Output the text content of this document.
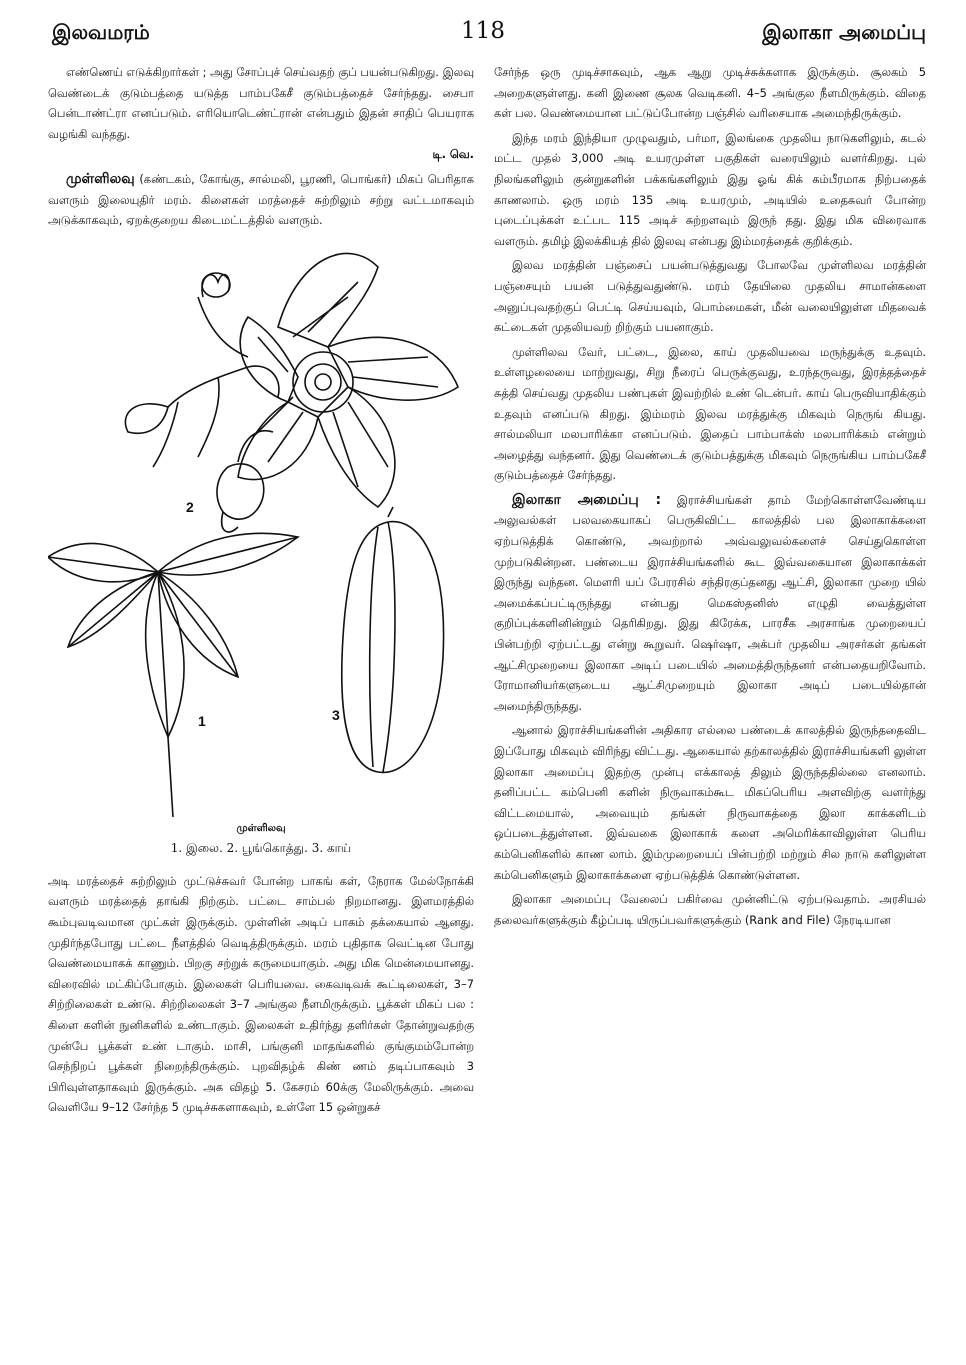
இலவமரம்	118	இலாகா அமைப்பு

எண்ணெய் எடுக்கிறார்கள் ; அது சோப்புச் செய்வதற் குப் பயன்படுகிறது. இலவு வெண்டைக் குடும்பத்தை யடுத்த பாம்பகேசீ குடும்பத்தைச் சேர்ந்தது. சைபா பென்டாண்ட்ரா எனப்படும். எரியொடெண்ட்ரான் என்பதும் இதன் சாதிப் பெயராக வழங்கி வந்தது.

டி. வெ.

முள்ளிலவு (கண்டகம், கோங்கு, சால்மலி, பூரணி, பொங்கர்) மிகப் பெரிதாக வளரும் இலையுதிர் மரம். கிளைகள் மரத்தைச் சுற்றிலும் சற்று வட்டமாகவும் அடுக்காகவும், ஏறக்குறைய கிடைமட்டத்தில் வளரும்.

2
1	3

முள்ளிலவு

1. இலை. 2. பூங்கொத்து. 3. காய்

அடி மரத்தைச் சுற்றிலும் முட்டுச்சுவர் போன்ற பாகங் கள், நேராக மேல்நோக்கி வளரும் மரத்தைத் தாங்கி நிற்கும். பட்டை சாம்பல் நிறமானது. இளமரத்தில் கூம்புவடிவமான முட்கள் இருக்கும். முள்ளின் அடிப் பாகம் தக்கையால் ஆனது. முதிர்ந்தபோது பட்டை நீளத்தில் வெடித்திருக்கும். மரம் புதிதாக வெட்டின போது வெண்மையாகக் காணும். பிறகு சற்றுக் கருமையாகும். அது மிக மென்மையானது. விரைவில் மட்கிப்போகும். இலைகள் பெரியவை. கைவடிவக் கூட்டிலைகள், 3–7 சிற்றிலைகள் உண்டு. சிற்றிலைகள் 3–7 அங்குல நீளமிருக்கும். பூக்கள் மிகப் பல : கிளை களின் நுனிகளில் உண்டாகும். இலைகள் உதிர்ந்து தளிர்கள் தோன்றுவதற்கு முன்பே பூக்கள் உண் டாகும். மாசி, பங்குனி மாதங்களில் குங்குமம்போன்ற செந்நிறப் பூக்கள் நிறைந்திருக்கும். புறவிதழ்க் கிண் ணம் தடிப்பாகவும் 3 பிரிவுள்ளதாகவும் இருக்கும். அக விதழ் 5. கேசரம் 60க்கு மேலிருக்கும். அவை வெளியே 9–12 சேர்ந்த 5 முடிச்சுகளாகவும், உள்ளே 15 ஒன்றுகச்

சேர்ந்த ஒரு முடிச்சாகவும், ஆக ஆறு முடிச்சுக்களாக இருக்கும். சூலகம் 5 அறைகளுள்ளது. கனி இணை சூலக வெடிகனி. 4–5 அங்குல நீளமிருக்கும். விதை கள் பல. வெண்மையான பட்டுப்போன்ற பஞ்சில் வரிசையாக அமைந்திருக்கும்.

இந்த மரம் இந்தியா முழுவதும், பர்மா, இலங்கை முதலிய நாடுகளிலும், கடல் மட்ட முதல் 3,000 அடி உயரமுள்ள பகுதிகள் வரையிலும் வளர்கிறது. புல் நிலங்களிலும் குன்றுகளின் பக்கங்களிலும் இது ஓங் கிக் கம்பீரமாக நிற்பதைக் காணலாம். ஒரு மரம் 135 அடி உயரமும், அடியில் உதைசுவர் போன்ற புடைப்புக்கள் உட்பட 115 அடிச் சுற்றளவும் இருந் தது. இது மிக விரைவாக வளரும். தமிழ் இலக்கியத் தில் இலவு என்பது இம்மரத்தைக் குறிக்கும்.

இலவ மரத்தின் பஞ்சைப் பயன்படுத்துவது போலவே முள்ளிலவ மரத்தின் பஞ்சையும் பயன் படுத்துவதுண்டு. மரம் தேயிலை முதலிய சாமான்களை அனுப்புவதற்குப் பெட்டி செய்யவும், பொம்மைகள், மீன் வலையிலுள்ள மிதவைக் கட்டைகள் முதலியவற் றிற்கும் பயனாகும்.

முள்ளிலவ வேர், பட்டை, இலை, காய் முதலியவை மருந்துக்கு உதவும். உள்ளழலையை மாற்றுவது, சிறு நீரைப் பெருக்குவது, உரந்தருவது, இரத்தத்தைச் சுத்தி செய்வது முதலிய பண்புகள் இவற்றில் உண் டென்பர். காய் பெருவியாதிக்கும் உதவும் எனப்படு கிறது. இம்மரம் இலவ மரத்துக்கு மிகவும் நெருங் கியது. சால்மலியா மலபாரிக்கா எனப்படும். இதைப் பாம்பாக்ஸ் மலபாரிக்கம் என்றும் அழைத்து வந்தனர். இது வெண்டைக் குடும்பத்துக்கு மிகவும் நெருங்கிய பாம்பகேசீ குடும்பத்தைச் சேர்ந்தது.

இலாகா அமைப்பு : இராச்சியங்கள் தாம் மேற்கொள்ளவேண்டிய அலுவல்கள் பலவகையாகப் பெருகிவிட்ட காலத்தில் பல இலாகாக்களை ஏற்படுத்திக் கொண்டு, அவற்றால் அவ்வலுவல்களைச் செய்துகொள்ள முற்படுகின்றன. பண்டைய இராச்சியங்களில் கூட இவ்வகையான இலாகாக்கள் இருந்து வந்தன. மௌரி யப் பேரரசில் சந்திரகுப்தனது ஆட்சி, இலாகா முறை யில் அமைக்கப்பட்டிருந்தது என்பது மெகஸ்தனிஸ் எழுதி வைத்துள்ள குறிப்புக்களினின்றும் தெரிகிறது. இது கிரேக்க, பாரசீக அரசாங்க முறையைப் பின்பற்றி ஏற்பட்டது என்று கூறுவர். ஷெர்ஷா, அக்பர் முதலிய அரசர்கள் தங்கள் ஆட்சிமுறையை இலாகா அடிப் படையில் அமைத்திருந்தனர் என்பதையறிவோம். ரோமானியர்களுடைய ஆட்சிமுறையும் இலாகா அடிப் படையில்தான் அமைந்திருந்தது.

ஆனால் இராச்சியங்களின் அதிகார எல்லை பண்டைக் காலத்தில் இருந்ததைவிட இப்போது மிகவும் விரிந்து விட்டது. ஆகையால் தற்காலத்தில் இராச்சியங்களி லுள்ள இலாகா அமைப்பு இதற்கு முன்பு எக்காலத் திலும் இருந்ததில்லை எனலாம். தனிப்பட்ட கம்பெனி களின் நிருவாகம்கூட மிகப்பெரிய அளவிற்கு வளர்ந்து விட்டமையால், அவையும் தங்கள் நிருவாகத்தை இலா காக்களிடம் ஒப்படைத்துள்ளன. இவ்வகை இலாகாக் களை அமெரிக்காவிலுள்ள பெரிய கம்பெனிகளில் காண லாம். இம்முறையைப் பின்பற்றி மற்றும் சில நாடு களிலுள்ள கம்பெனிகளும் இலாகாக்களை ஏற்படுத்திக் கொண்டுள்ளன.

இலாகா அமைப்பு வேலைப் பகிர்வை முன்னிட்டு ஏற்படுவதாம். அரசியல் தலைவர்களுக்கும் கீழ்ப்படி யிருப்பவர்களுக்கும் (Rank and File) நேரடியான
